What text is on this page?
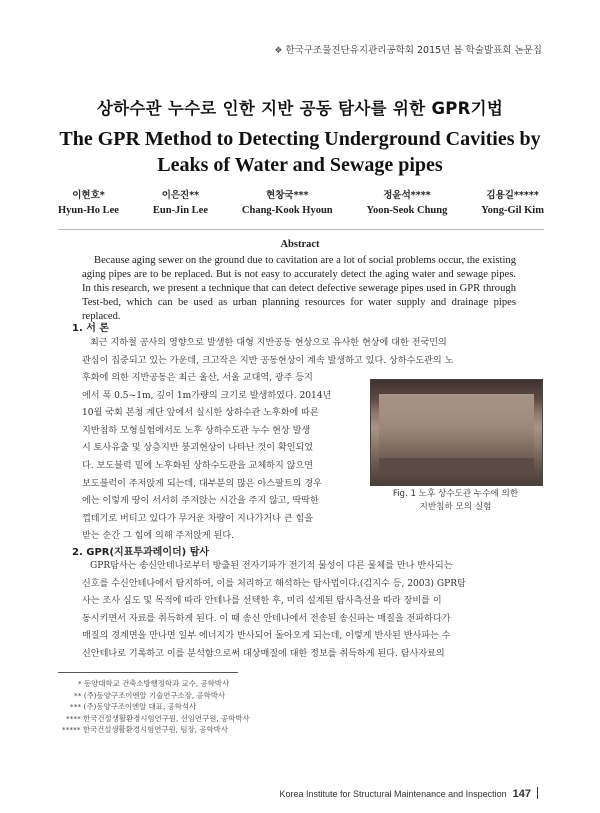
❖ 한국구조물진단유지관리공학회 2015년 봄 학술발표회 논문집
상하수관 누수로 인한 지반 공동 탐사를 위한 GPR기법
The GPR Method to Detecting Underground Cavities by
Leaks of Water and Sewage pipes
이현호*
Hyun-Ho Lee
이은진**
Eun-Jin Lee
현창국***
Chang-Kook Hyoun
정윤석****
Yoon-Seok Chung
김용길*****
Yong-Gil Kim
Abstract
Because aging sewer on the ground due to cavitation are a lot of social problems occur, the existing aging pipes are to be replaced. But is not easy to accurately detect the aging water and sewage pipes. In this research, we present a technique that can detect defective sewerage pipes used in GPR through Test-bed, which can be used as urban planning resources for water supply and drainage pipes replaced.
1. 서 론
최근 지하철 공사의 영향으로 발생한 대형 지반공동 현상으로 유사한 현상에 대한 전국민의
관심이 집중되고 있는 가운데, 크고작은 지반 공동현상이 계속 발생하고 있다. 상하수도관의 노
후화에 의한 지반공동은 최근 울산, 서울 교대역, 광주 등지
에서 폭 0.5~1m, 깊이 1m가량의 크기로 발생하였다. 2014년
10월 국회 본청 계단 앞에서 실시한 상하수관 노후화에 따른
지반침하 모형실험에서도 노후 상하수도관 누수 현상 발생
시 토사유출 및 상층지반 붕괴현상이 나타난 것이 확인되었
다. 보도블럭 밑에 노후화된 상하수도관을 교체하지 않으면
보도블럭이 주저앉게 되는데, 대부분의 많은 아스팔트의 경우
에는 이렇게 땅이 서서히 주저앉는 시간을 주지 않고, 딱딱한
껍데기로 버티고 있다가 무거운 차량이 지나가거나 큰 힘을
받는 순간 그 힘에 의해 주저앉게 된다.
Fig. 1 노후 상수도관 누수에 의한
지반침하 모의 실험
2. GPR(지표투과레이더) 탐사
GPR탐사는 송신안테나로부터 방출된 전자기파가 전기적 물성이 다른 물체를 만나 반사되는
신호를 수신안테나에서 탐지하여, 이를 처리하고 해석하는 탐사법이다.(김지수 등, 2003) GPR탐
사는 조사 심도 및 목적에 따라 안테나를 선택한 후, 미리 설계된 탐사측선을 따라 장비를 이
동시키면서 자료를 취득하게 된다. 이 때 송신 안테나에서 전송된 송신파는 매질을 전파하다가
매질의 경계면을 만나면 일부 에너지가 반사되어 돌아오게 되는데, 이렇게 반사된 반사파는 수
신안테나로 기록하고 이를 분석함으로써 대상매질에 대한 정보를 취득하게 된다. 탐사자료의
* 동양대학교 건축소방행정학과 교수, 공학박사
** (주)동양구조이엔알 기술연구소장, 공학박사
*** (주)동양구조이엔알 대표, 공학석사
**** 한국건설생활환경시험연구원, 선임연구원, 공학박사
***** 한국건설생활환경시험연구원, 팀장, 공학박사
Korea Institute for Structural Maintenance and Inspection 147
